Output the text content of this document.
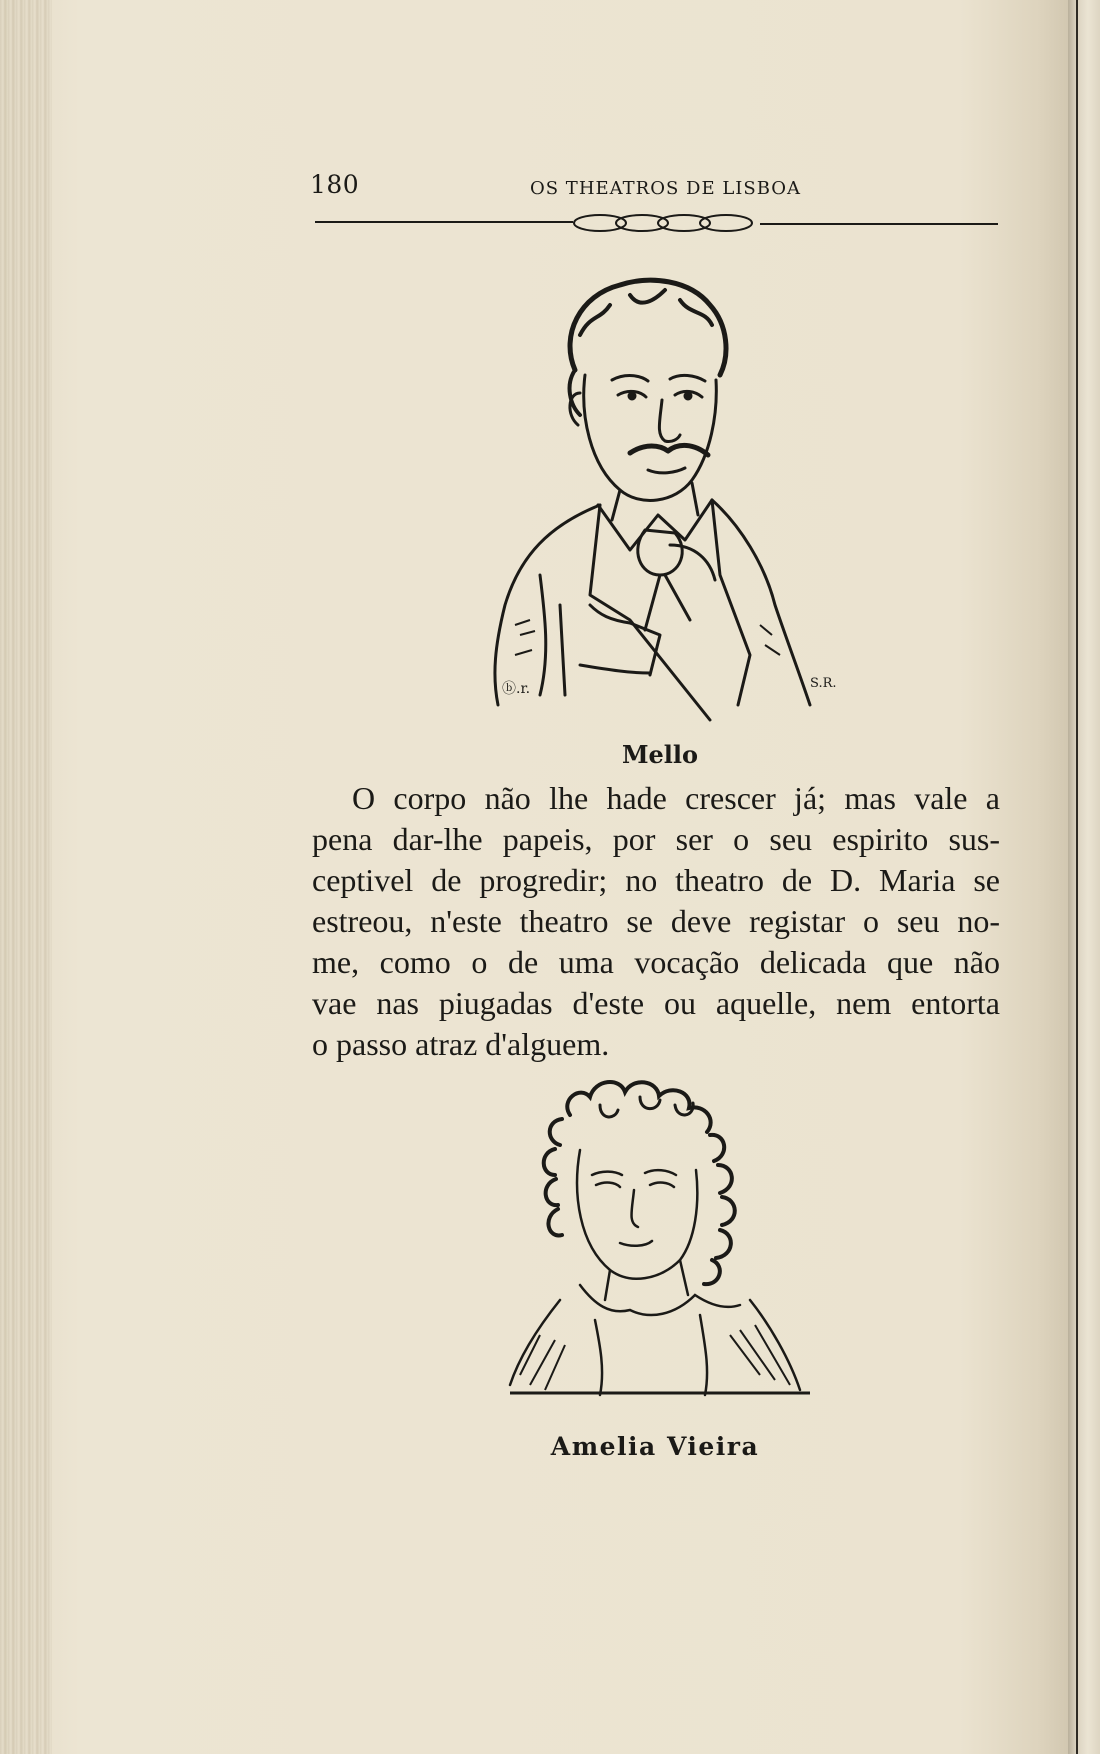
180	OS THEATROS DE LISBOA
ⓑ.r.	S.R.
Mello

O corpo não lhe hade crescer já; mas vale a
pena dar-lhe papeis, por ser o seu espirito sus-
ceptivel de progredir; no theatro de D. Maria se
estreou, n'este theatro se deve registar o seu no-
me, como o de uma vocação delicada que não
vae nas piugadas d'este ou aquelle, nem entorta
o passo atraz d'alguem.

Amelia Vieira
